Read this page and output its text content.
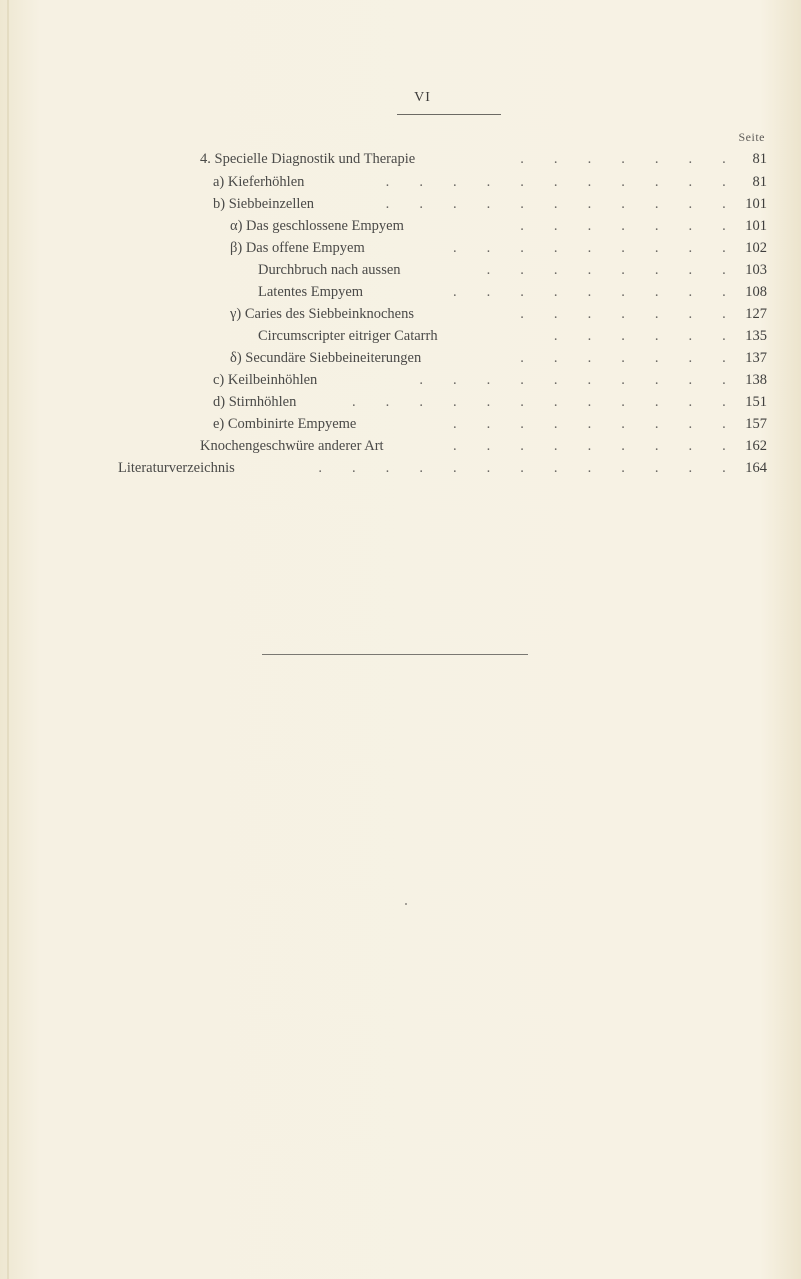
VI
Seite
4. Specielle Diagnostik und Therapie	. . . . . . . 81
a) Kieferhöhlen	. . . . . . . . . . . 81
b) Siebbeinzellen	. . . . . . . . . . . 101
α) Das geschlossene Empyem	. . . . . . . 101
β) Das offene Empyem	. . . . . . . . . 102
Durchbruch nach aussen	. . . . . . . . 103
Latentes Empyem	. . . . . . . . . 108
γ) Caries des Siebbeinknochens	. . . . . . . 127
Circumscripter eitriger Catarrh	. . . . . . 135
δ) Secundäre Siebbeineiterungen	. . . . . . . 137
c) Keilbeinhöhlen	. . . . . . . . . . 138
d) Stirnhöhlen	. . . . . . . . . . . . 151
e) Combinirte Empyeme	. . . . . . . . . 157
Knochengeschwüre anderer Art	. . . . . . . . . 162
Literaturverzeichnis	. . . . . . . . . . . . . 164
